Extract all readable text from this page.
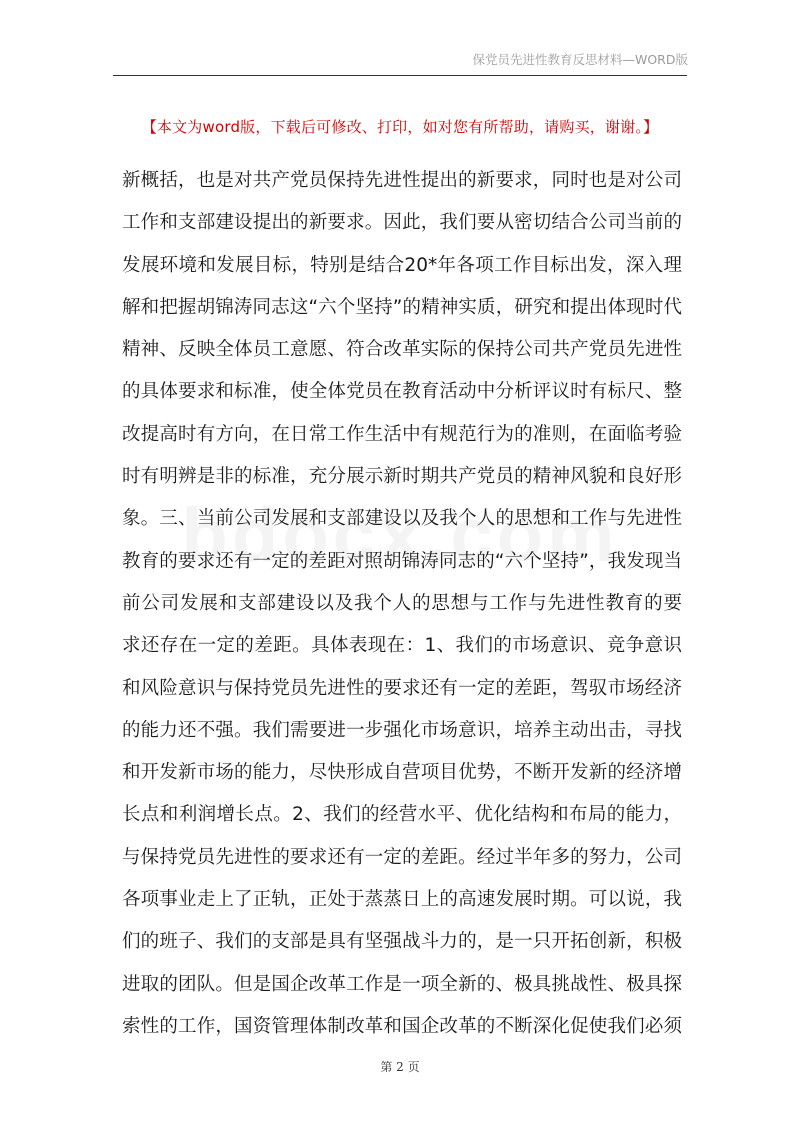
保党员先进性教育反思材料—WORD版
【本文为word版，下载后可修改、打印，如对您有所帮助，请购买，谢谢。】
新概括，也是对共产党员保持先进性提出的新要求，同时也是对公司
工作和支部建设提出的新要求。因此，我们要从密切结合公司当前的
发展环境和发展目标，特别是结合20*年各项工作目标出发，深入理
解和把握胡锦涛同志这“六个坚持”的精神实质，研究和提出体现时代
精神、反映全体员工意愿、符合改革实际的保持公司共产党员先进性
的具体要求和标准，使全体党员在教育活动中分析评议时有标尺、整
改提高时有方向，在日常工作生活中有规范行为的准则，在面临考验
时有明辨是非的标准，充分展示新时期共产党员的精神风貌和良好形
象。三、当前公司发展和支部建设以及我个人的思想和工作与先进性
教育的要求还有一定的差距对照胡锦涛同志的“六个坚持”，我发现当
前公司发展和支部建设以及我个人的思想与工作与先进性教育的要
求还存在一定的差距。具体表现在：1、我们的市场意识、竞争意识
和风险意识与保持党员先进性的要求还有一定的差距，驾驭市场经济
的能力还不强。我们需要进一步强化市场意识，培养主动出击，寻找
和开发新市场的能力，尽快形成自营项目优势，不断开发新的经济增
长点和利润增长点。2、我们的经营水平、优化结构和布局的能力，
与保持党员先进性的要求还有一定的差距。经过半年多的努力，公司
各项事业走上了正轨，正处于蒸蒸日上的高速发展时期。可以说，我
们的班子、我们的支部是具有坚强战斗力的，是一只开拓创新，积极
进取的团队。但是国企改革工作是一项全新的、极具挑战性、极具探
索性的工作，国资管理体制改革和国企改革的不断深化促使我们必须
第 2 页
